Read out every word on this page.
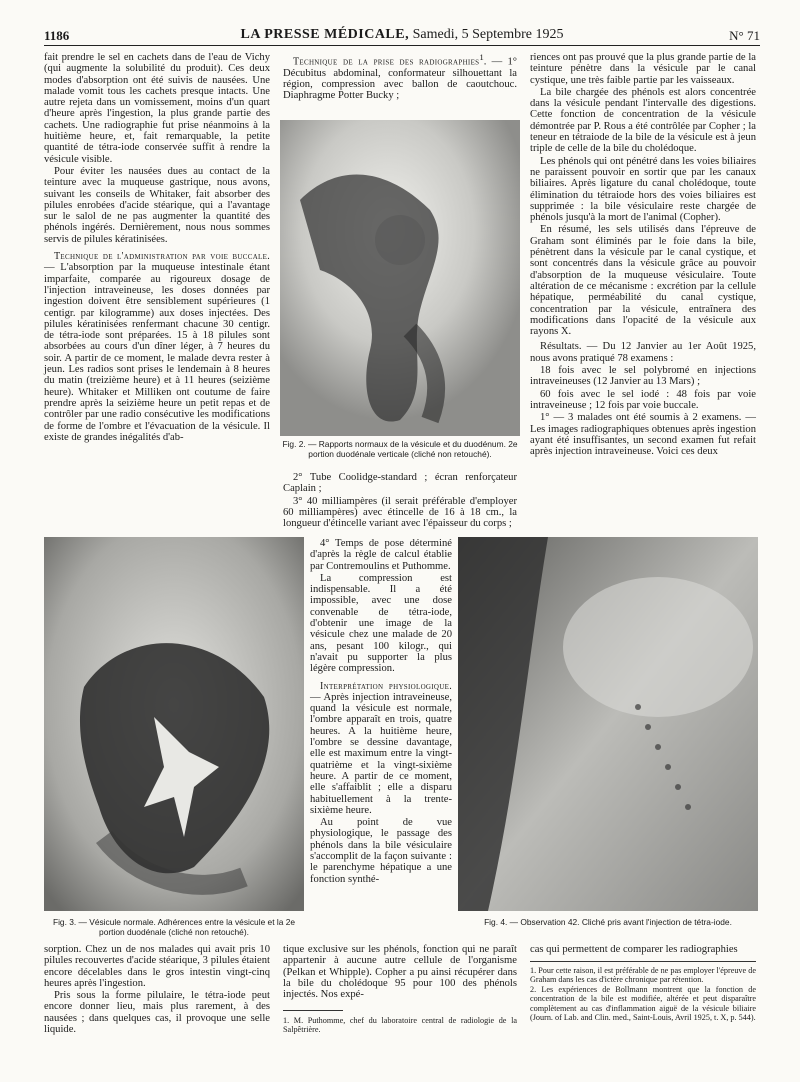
1186	LA PRESSE MÉDICALE, Samedi, 5 Septembre 1925	N° 71

fait prendre le sel en cachets dans de l'eau de Vichy (qui augmente la solubilité du produit). Ces deux modes d'absorption ont été suivis de nausées. Une malade vomit tous les cachets presque intacts. Une autre rejeta dans un vomissement, moins d'un quart d'heure après l'ingestion, la plus grande partie des cachets. Une radiographie fut prise néanmoins à la huitième heure, et, fait remarquable, la petite quantité de tétra-iode conservée suffit à rendre la vésicule visible.

Pour éviter les nausées dues au contact de la teinture avec la muqueuse gastrique, nous avons, suivant les conseils de Whitaker, fait absorber des pilules enrobées d'acide stéarique, qui a l'avantage sur le salol de ne pas augmenter la quantité des phénols ingérés. Dernièrement, nous nous sommes servis de pilules kératinisées.

Technique de l'administration par voie buccale. — L'absorption par la muqueuse intestinale étant imparfaite, comparée au rigoureux dosage de l'injection intraveineuse, les doses données par ingestion doivent être sensiblement supérieures (1 centigr. par kilogramme) aux doses injectées. Des pilules kératinisées renfermant chacune 30 centigr. de tétra-iode sont préparées. 15 à 18 pilules sont absorbées au cours d'un dîner léger, à 7 heures du soir. A partir de ce moment, le malade devra rester à jeun. Les radios sont prises le lendemain à 8 heures du matin (treizième heure) et à 11 heures (seizième heure). Whitaker et Milliken ont coutume de faire prendre après la seizième heure un petit repas et de contrôler par une radio consécutive les modifications de forme de l'ombre et l'évacuation de la vésicule. Il existe de grandes inégalités d'ab-

Technique de la prise des radiographies$^1$. — 1° Décubitus abdominal, conformateur silhouettant la région, compression avec ballon de caoutchouc. Diaphragme Potter Bucky ;

Fig. 2. — Rapports normaux de la vésicule et du duodénum. 2e portion duodénale verticale (cliché non retouché).

2° Tube Coolidge-standard ; écran renforçateur Caplain ;

3° 40 milliampères (il serait préférable d'employer 60 milliampères) avec étincelle de 16 à 18 cm., la longueur d'étincelle variant avec l'épaisseur du corps ;

riences ont pas prouvé que la plus grande partie de la teinture pénètre dans la vésicule par le canal cystique, une très faible partie par les vaisseaux.

La bile chargée des phénols est alors concentrée dans la vésicule pendant l'intervalle des digestions. Cette fonction de concentration de la vésicule démontrée par P. Rous a été contrôlée par Copher ; la teneur en tétraiode de la bile de la vésicule est à jeun triple de celle de la bile du cholédoque.

Les phénols qui ont pénétré dans les voies biliaires ne paraissent pouvoir en sortir que par les canaux biliaires. Après ligature du canal cholédoque, toute élimination du tétraiode hors des voies biliaires est supprimée : la bile vésiculaire reste chargée de phénols jusqu'à la mort de l'animal (Copher).

En résumé, les sels utilisés dans l'épreuve de Graham sont éliminés par le foie dans la bile, pénètrent dans la vésicule par le canal cystique, et sont concentrés dans la vésicule grâce au pouvoir d'absorption de la muqueuse vésiculaire. Toute altération de ce mécanisme : excrétion par la cellule hépatique, perméabilité du canal cystique, concentration par la vésicule, entraînera des modifications dans l'opacité de la vésicule aux rayons X.

Résultats. — Du 12 Janvier au 1er Août 1925, nous avons pratiqué 78 examens :

18 fois avec le sel polybromé en injections intraveineuses (12 Janvier au 13 Mars) ;

60 fois avec le sel iodé : 48 fois par voie intraveineuse ; 12 fois par voie buccale.

1° — 3 malades ont été soumis à 2 examens. — Les images radiographiques obtenues après ingestion ayant été insuffisantes, un second examen fut refait après injection intraveineuse. Voici ces deux

Fig. 3. — Vésicule normale. Adhérences entre la vésicule et la 2e portion duodénale (cliché non retouché).

4° Temps de pose déterminé d'après la règle de calcul établie par Contremoulins et Puthomme.

La compression est indispensable. Il a été impossible, avec une dose convenable de tétra-iode, d'obtenir une image de la vésicule chez une malade de 20 ans, pesant 100 kilogr., qui n'avait pu supporter la plus légère compression.

Interprétation physiologique. — Après injection intraveineuse, quand la vésicule est normale, l'ombre apparaît en trois, quatre heures. A la huitième heure, l'ombre se dessine davantage, elle est maximum entre la vingt-quatrième et la vingt-sixième heure. A partir de ce moment, elle s'affaiblit ; elle a disparu habituellement à la trente-sixième heure.

Au point de vue physiologique, le passage des phénols dans la bile vésiculaire s'accomplit de la façon suivante : le parenchyme hépatique a une fonction synthé-

Fig. 4. — Observation 42. Cliché pris avant l'injection de tétra-iode.

sorption. Chez un de nos malades qui avait pris 10 pilules recouvertes d'acide stéarique, 3 pilules étaient encore décelables dans le gros intestin vingt-cinq heures après l'ingestion.

Pris sous la forme pilulaire, le tétra-iode peut encore donner lieu, mais plus rarement, à des nausées ; dans quelques cas, il provoque une selle liquide.

tique exclusive sur les phénols, fonction qui ne paraît appartenir à aucune autre cellule de l'organisme (Pelkan et Whipple). Copher a pu ainsi récupérer dans la bile du cholédoque 95 pour 100 des phénols injectés. Nos expé-

1. M. Puthomme, chef du laboratoire central de radiologie de la Salpêtrière.

cas qui permettent de comparer les radiographies

1. Pour cette raison, il est préférable de ne pas employer l'épreuve de Graham dans les cas d'ictère chronique par rétention.
2. Les expériences de Bollmann montrent que la fonction de concentration de la bile est modifiée, altérée et peut disparaître complètement au cas d'inflammation aiguë de la vésicule biliaire (Journ. of Lab. and Clin. med., Saint-Louis, Avril 1925, t. X, p. 544).
